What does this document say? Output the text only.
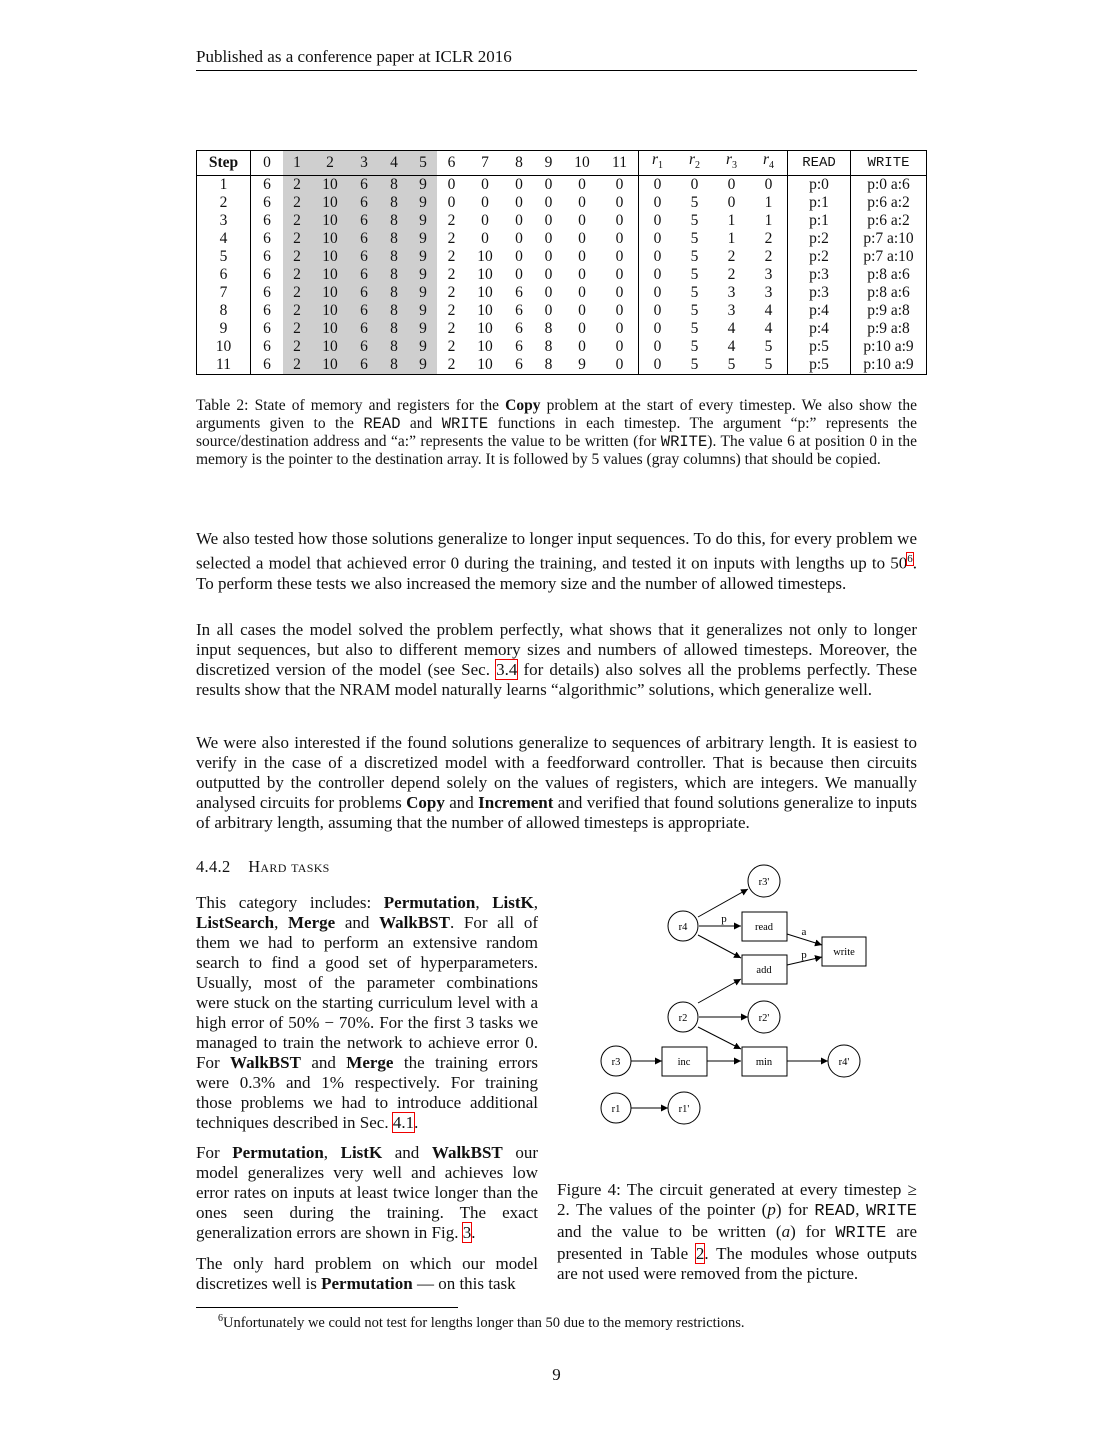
Published as a conference paper at ICLR 2016
Step	0	1	2	3	4	5	6	7	8	9	10	11	$r_1$	$r_2$	$r_3$	$r_4$	READ	WRITE
1	6	2	10	6	8	9	0	0	0	0	0	0	0	0	0	0	p:0	p:0 a:6
2	6	2	10	6	8	9	0	0	0	0	0	0	0	5	0	1	p:1	p:6 a:2
3	6	2	10	6	8	9	2	0	0	0	0	0	0	5	1	1	p:1	p:6 a:2
4	6	2	10	6	8	9	2	0	0	0	0	0	0	5	1	2	p:2	p:7 a:10
5	6	2	10	6	8	9	2	10	0	0	0	0	0	5	2	2	p:2	p:7 a:10
6	6	2	10	6	8	9	2	10	0	0	0	0	0	5	2	3	p:3	p:8 a:6
7	6	2	10	6	8	9	2	10	6	0	0	0	0	5	3	3	p:3	p:8 a:6
8	6	2	10	6	8	9	2	10	6	0	0	0	0	5	3	4	p:4	p:9 a:8
9	6	2	10	6	8	9	2	10	6	8	0	0	0	5	4	4	p:4	p:9 a:8
10	6	2	10	6	8	9	2	10	6	8	0	0	0	5	4	5	p:5	p:10 a:9
11	6	2	10	6	8	9	2	10	6	8	9	0	0	5	5	5	p:5	p:10 a:9
Table 2: State of memory and registers for the Copy problem at the start of every timestep. We also show the arguments given to the READ and WRITE functions in each timestep. The argument “p:” represents the source/destination address and “a:” represents the value to be written (for WRITE). The value 6 at position 0 in the memory is the pointer to the destination array. It is followed by 5 values (gray columns) that should be copied.
We also tested how those solutions generalize to longer input sequences. To do this, for every problem we selected a model that achieved error 0 during the training, and tested it on inputs with lengths up to 50$^6$. To perform these tests we also increased the memory size and the number of allowed timesteps.
In all cases the model solved the problem perfectly, what shows that it generalizes not only to longer input sequences, but also to different memory sizes and numbers of allowed timesteps. Moreover, the discretized version of the model (see Sec. 3.4 for details) also solves all the problems perfectly. These results show that the NRAM model naturally learns “algorithmic” solutions, which generalize well.
We were also interested if the found solutions generalize to sequences of arbitrary length. It is easiest to verify in the case of a discretized model with a feedforward controller. That is because then circuits outputted by the controller depend solely on the values of registers, which are integers. We manually analysed circuits for problems Copy and Increment and verified that found solutions generalize to inputs of arbitrary length, assuming that the number of allowed timesteps is appropriate.
4.4.2 Hard tasks
This category includes: Permutation, ListK, ListSearch, Merge and WalkBST. For all of them we had to perform an extensive random search to find a good set of hyperparameters. Usually, most of the parameter combinations were stuck on the starting curriculum level with a high error of 50% − 70%. For the first 3 tasks we managed to train the network to achieve error 0. For WalkBST and Merge the training errors were 0.3% and 1% respectively. For training those problems we had to introduce additional techniques described in Sec. 4.1.
For Permutation, ListK and WalkBST our model generalizes very well and achieves low error rates on inputs at least twice longer than the ones seen during the training. The exact generalization errors are shown in Fig. 3.
The only hard problem on which our model discretizes well is Permutation — on this task
r3'
r4	read
add
write
r2	r2'
r3	inc	min	r4'
r1	r1'
p
a
p
Figure 4: The circuit generated at every timestep ≥ 2. The values of the pointer (p) for READ, WRITE and the value to be written (a) for WRITE are presented in Table 2. The modules whose outputs are not used were removed from the picture.
$^6$Unfortunately we could not test for lengths longer than 50 due to the memory restrictions.
9
